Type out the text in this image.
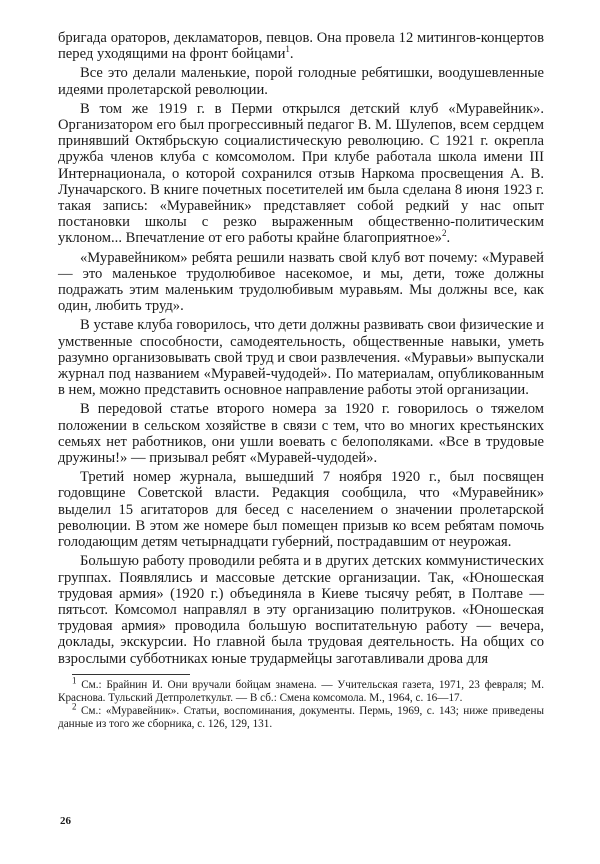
бригада ораторов, декламаторов, певцов. Она провела 12 митингов-концертов перед уходящими на фронт бойцами$^1$.

Все это делали маленькие, порой голодные ребятишки, воодушевленные идеями пролетарской революции.

В том же 1919 г. в Перми открылся детский клуб «Муравейник». Организатором его был прогрессивный педагог В. М. Шулепов, всем сердцем принявший Октябрьскую социалистическую революцию. С 1921 г. окрепла дружба членов клуба с комсомолом. При клубе работала школа имени III Интернационала, о которой сохранился отзыв Наркома просвещения А. В. Луначарского. В книге почетных посетителей им была сделана 8 июня 1923 г. такая запись: «Муравейник» представляет собой редкий у нас опыт постановки школы с резко выраженным общественно-политическим уклоном... Впечатление от его работы крайне благоприятное»$^2$.

«Муравейником» ребята решили назвать свой клуб вот почему: «Муравей — это маленькое трудолюбивое насекомое, и мы, дети, тоже должны подражать этим маленьким трудолюбивым муравьям. Мы должны все, как один, любить труд».

В уставе клуба говорилось, что дети должны развивать свои физические и умственные способности, самодеятельность, общественные навыки, уметь разумно организовывать свой труд и свои развлечения. «Муравьи» выпускали журнал под названием «Муравей-чудодей». По материалам, опубликованным в нем, можно представить основное направление работы этой организации.

В передовой статье второго номера за 1920 г. говорилось о тяжелом положении в сельском хозяйстве в связи с тем, что во многих крестьянских семьях нет работников, они ушли воевать с белополяками. «Все в трудовые дружины!» — призывал ребят «Муравей-чудодей».

Третий номер журнала, вышедший 7 ноября 1920 г., был посвящен годовщине Советской власти. Редакция сообщила, что «Муравейник» выделил 15 агитаторов для бесед с населением о значении пролетарской революции. В этом же номере был помещен призыв ко всем ребятам помочь голодающим детям четырнадцати губерний, пострадавшим от неурожая.

Большую работу проводили ребята и в других детских коммунистических группах. Появлялись и массовые детские организации. Так, «Юношеская трудовая армия» (1920 г.) объединяла в Киеве тысячу ребят, в Полтаве — пятьсот. Комсомол направлял в эту организацию политруков. «Юношеская трудовая армия» проводила большую воспитательную работу — вечера, доклады, экскурсии. Но главной была трудовая деятельность. На общих со взрослыми субботниках юные трудармейцы заготавливали дрова для

$^1$ См.: Брайнин И. Они вручали бойцам знамена. — Учительская газета, 1971, 23 февраля; М. Краснова. Тульский Детпролеткульт. — В сб.: Смена комсомола. М., 1964, с. 16—17.

$^2$ См.: «Муравейник». Статьи, воспоминания, документы. Пермь, 1969, с. 143; ниже приведены данные из того же сборника, с. 126, 129, 131.

26
